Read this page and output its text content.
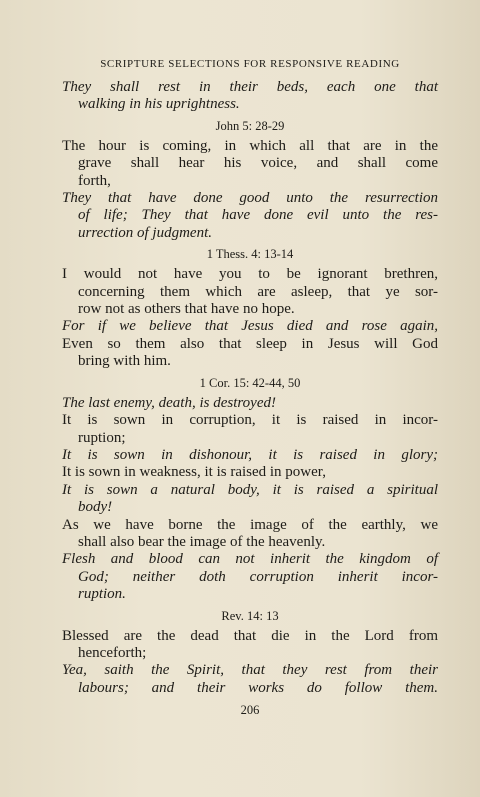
SCRIPTURE SELECTIONS FOR RESPONSIVE READING
They shall rest in their beds, each one that
walking in his uprightness.
John 5: 28-29
The hour is coming, in which all that are in the
grave shall hear his voice, and shall come
forth,
They that have done good unto the resurrection
of life; They that have done evil unto the res-
urrection of judgment.
1 Thess. 4: 13-14
I would not have you to be ignorant brethren,
concerning them which are asleep, that ye sor-
row not as others that have no hope.
For if we believe that Jesus died and rose again,
Even so them also that sleep in Jesus will God
bring with him.
1 Cor. 15: 42-44, 50
The last enemy, death, is destroyed!
It is sown in corruption, it is raised in incor-
ruption;
It is sown in dishonour, it is raised in glory;
It is sown in weakness, it is raised in power,
It is sown a natural body, it is raised a spiritual
body!
As we have borne the image of the earthly, we
shall also bear the image of the heavenly.
Flesh and blood can not inherit the kingdom of
God; neither doth corruption inherit incor-
ruption.
Rev. 14: 13
Blessed are the dead that die in the Lord from
henceforth;
Yea, saith the Spirit, that they rest from their
labours; and their works do follow them.
206
